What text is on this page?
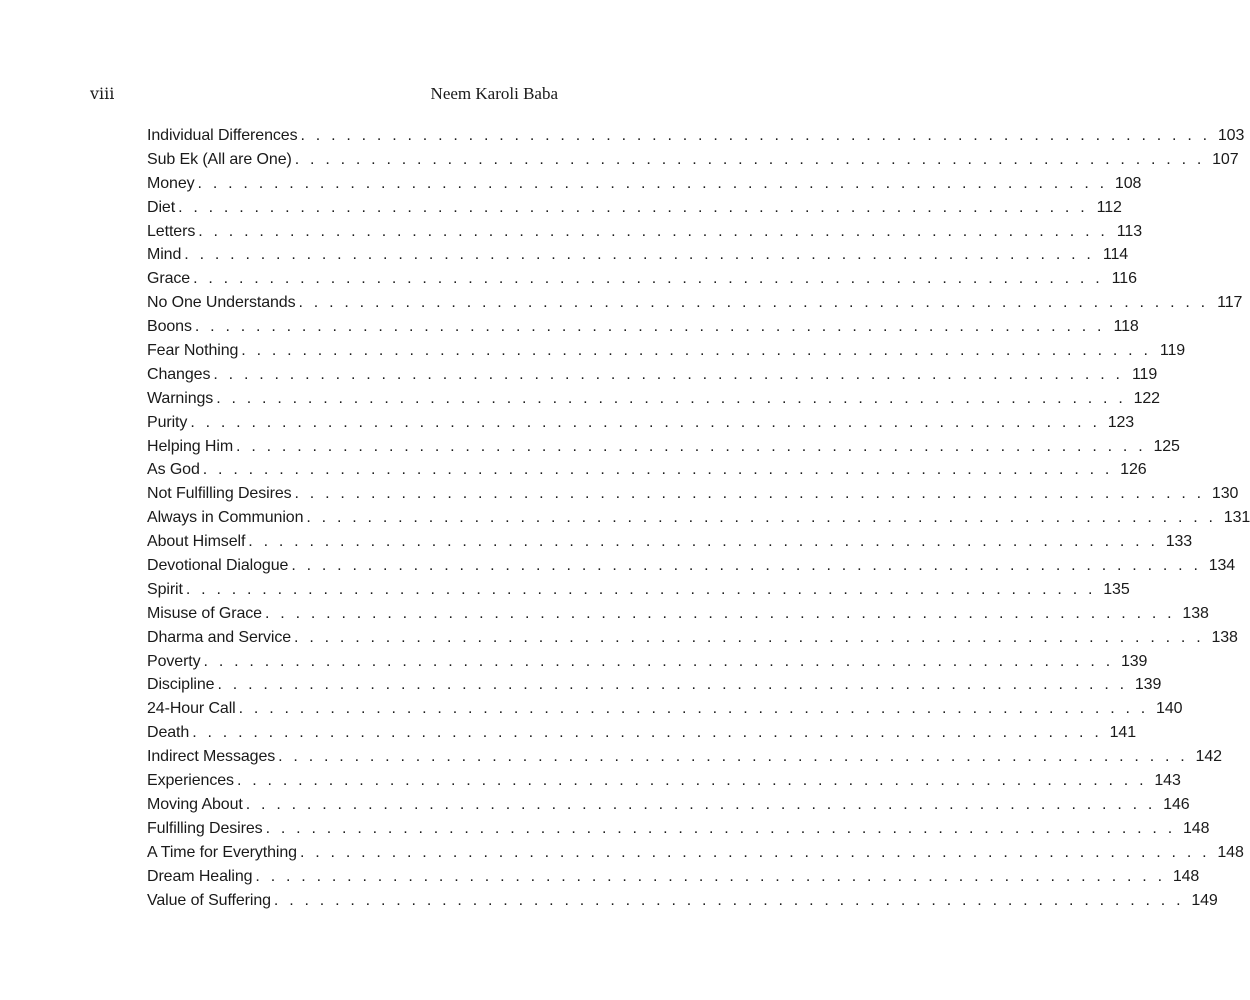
viii	Neem Karoli Baba
Individual Differences . . . . . . . . . . . . . . . . . . . . . . . . . . . . . . . . . . . . . . . . . . . . . . . . . . . . . . . . . . . . 103
Sub Ek (All are One) . . . . . . . . . . . . . . . . . . . . . . . . . . . . . . . . . . . . . . . . . . . . . . . . . . . . . . . . . . . . 107
Money . . . . . . . . . . . . . . . . . . . . . . . . . . . . . . . . . . . . . . . . . . . . . . . . . . . . . . . . . . . . 108
Diet . . . . . . . . . . . . . . . . . . . . . . . . . . . . . . . . . . . . . . . . . . . . . . . . . . . . . . . . . . . . 112
Letters . . . . . . . . . . . . . . . . . . . . . . . . . . . . . . . . . . . . . . . . . . . . . . . . . . . . . . . . . . . . 113
Mind . . . . . . . . . . . . . . . . . . . . . . . . . . . . . . . . . . . . . . . . . . . . . . . . . . . . . . . . . . . . 114
Grace . . . . . . . . . . . . . . . . . . . . . . . . . . . . . . . . . . . . . . . . . . . . . . . . . . . . . . . . . . . . 116
No One Understands . . . . . . . . . . . . . . . . . . . . . . . . . . . . . . . . . . . . . . . . . . . . . . . . . . . . . . . . . . . . 117
Boons . . . . . . . . . . . . . . . . . . . . . . . . . . . . . . . . . . . . . . . . . . . . . . . . . . . . . . . . . . . . 118
Fear Nothing . . . . . . . . . . . . . . . . . . . . . . . . . . . . . . . . . . . . . . . . . . . . . . . . . . . . . . . . . . . . 119
Changes . . . . . . . . . . . . . . . . . . . . . . . . . . . . . . . . . . . . . . . . . . . . . . . . . . . . . . . . . . . . 119
Warnings . . . . . . . . . . . . . . . . . . . . . . . . . . . . . . . . . . . . . . . . . . . . . . . . . . . . . . . . . . . . 122
Purity . . . . . . . . . . . . . . . . . . . . . . . . . . . . . . . . . . . . . . . . . . . . . . . . . . . . . . . . . . . . 123
Helping Him . . . . . . . . . . . . . . . . . . . . . . . . . . . . . . . . . . . . . . . . . . . . . . . . . . . . . . . . . . . . 125
As God . . . . . . . . . . . . . . . . . . . . . . . . . . . . . . . . . . . . . . . . . . . . . . . . . . . . . . . . . . . . 126
Not Fulfilling Desires . . . . . . . . . . . . . . . . . . . . . . . . . . . . . . . . . . . . . . . . . . . . . . . . . . . . . . . . . . . . 130
Always in Communion . . . . . . . . . . . . . . . . . . . . . . . . . . . . . . . . . . . . . . . . . . . . . . . . . . . . . . . . . . . . 131
About Himself . . . . . . . . . . . . . . . . . . . . . . . . . . . . . . . . . . . . . . . . . . . . . . . . . . . . . . . . . . . . 133
Devotional Dialogue . . . . . . . . . . . . . . . . . . . . . . . . . . . . . . . . . . . . . . . . . . . . . . . . . . . . . . . . . . . . 134
Spirit . . . . . . . . . . . . . . . . . . . . . . . . . . . . . . . . . . . . . . . . . . . . . . . . . . . . . . . . . . . . 135
Misuse of Grace . . . . . . . . . . . . . . . . . . . . . . . . . . . . . . . . . . . . . . . . . . . . . . . . . . . . . . . . . . . . 138
Dharma and Service . . . . . . . . . . . . . . . . . . . . . . . . . . . . . . . . . . . . . . . . . . . . . . . . . . . . . . . . . . . . 138
Poverty . . . . . . . . . . . . . . . . . . . . . . . . . . . . . . . . . . . . . . . . . . . . . . . . . . . . . . . . . . . . 139
Discipline . . . . . . . . . . . . . . . . . . . . . . . . . . . . . . . . . . . . . . . . . . . . . . . . . . . . . . . . . . . . 139
24-Hour Call . . . . . . . . . . . . . . . . . . . . . . . . . . . . . . . . . . . . . . . . . . . . . . . . . . . . . . . . . . . . 140
Death . . . . . . . . . . . . . . . . . . . . . . . . . . . . . . . . . . . . . . . . . . . . . . . . . . . . . . . . . . . . 141
Indirect Messages . . . . . . . . . . . . . . . . . . . . . . . . . . . . . . . . . . . . . . . . . . . . . . . . . . . . . . . . . . . . 142
Experiences . . . . . . . . . . . . . . . . . . . . . . . . . . . . . . . . . . . . . . . . . . . . . . . . . . . . . . . . . . . . 143
Moving About . . . . . . . . . . . . . . . . . . . . . . . . . . . . . . . . . . . . . . . . . . . . . . . . . . . . . . . . . . . . 146
Fulfilling Desires . . . . . . . . . . . . . . . . . . . . . . . . . . . . . . . . . . . . . . . . . . . . . . . . . . . . . . . . . . . . 148
A Time for Everything . . . . . . . . . . . . . . . . . . . . . . . . . . . . . . . . . . . . . . . . . . . . . . . . . . . . . . . . . . . . 148
Dream Healing . . . . . . . . . . . . . . . . . . . . . . . . . . . . . . . . . . . . . . . . . . . . . . . . . . . . . . . . . . . . 148
Value of Suffering . . . . . . . . . . . . . . . . . . . . . . . . . . . . . . . . . . . . . . . . . . . . . . . . . . . . . . . . . . . . 149
